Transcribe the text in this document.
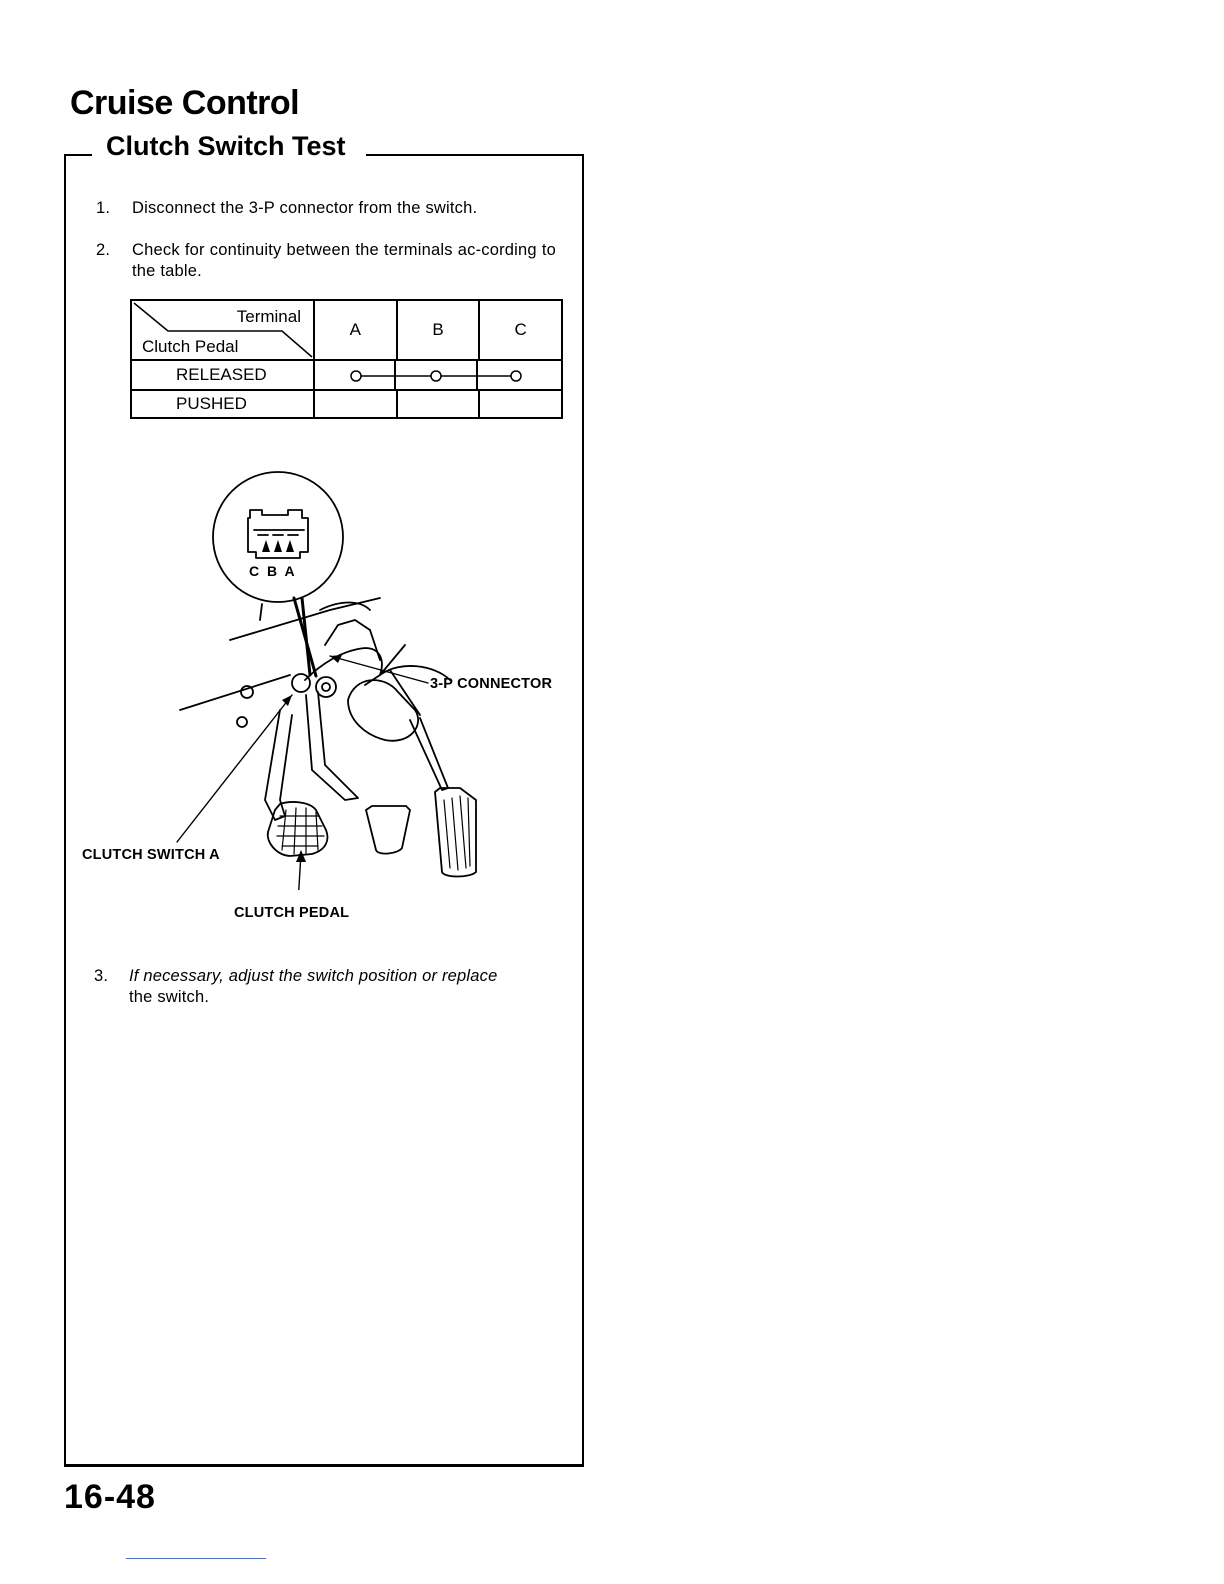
Cruise Control
Clutch Switch Test
1. Disconnect the 3-P connector from the switch.
2. Check for continuity between the terminals ac-cording to the table.
Terminal
Clutch Pedal	A	B	C
RELEASED	

PUSHED			
C B A
3-P CONNECTOR
CLUTCH SWITCH A
CLUTCH PEDAL
3. If necessary, adjust the switch position or replace
the switch.
16-48
